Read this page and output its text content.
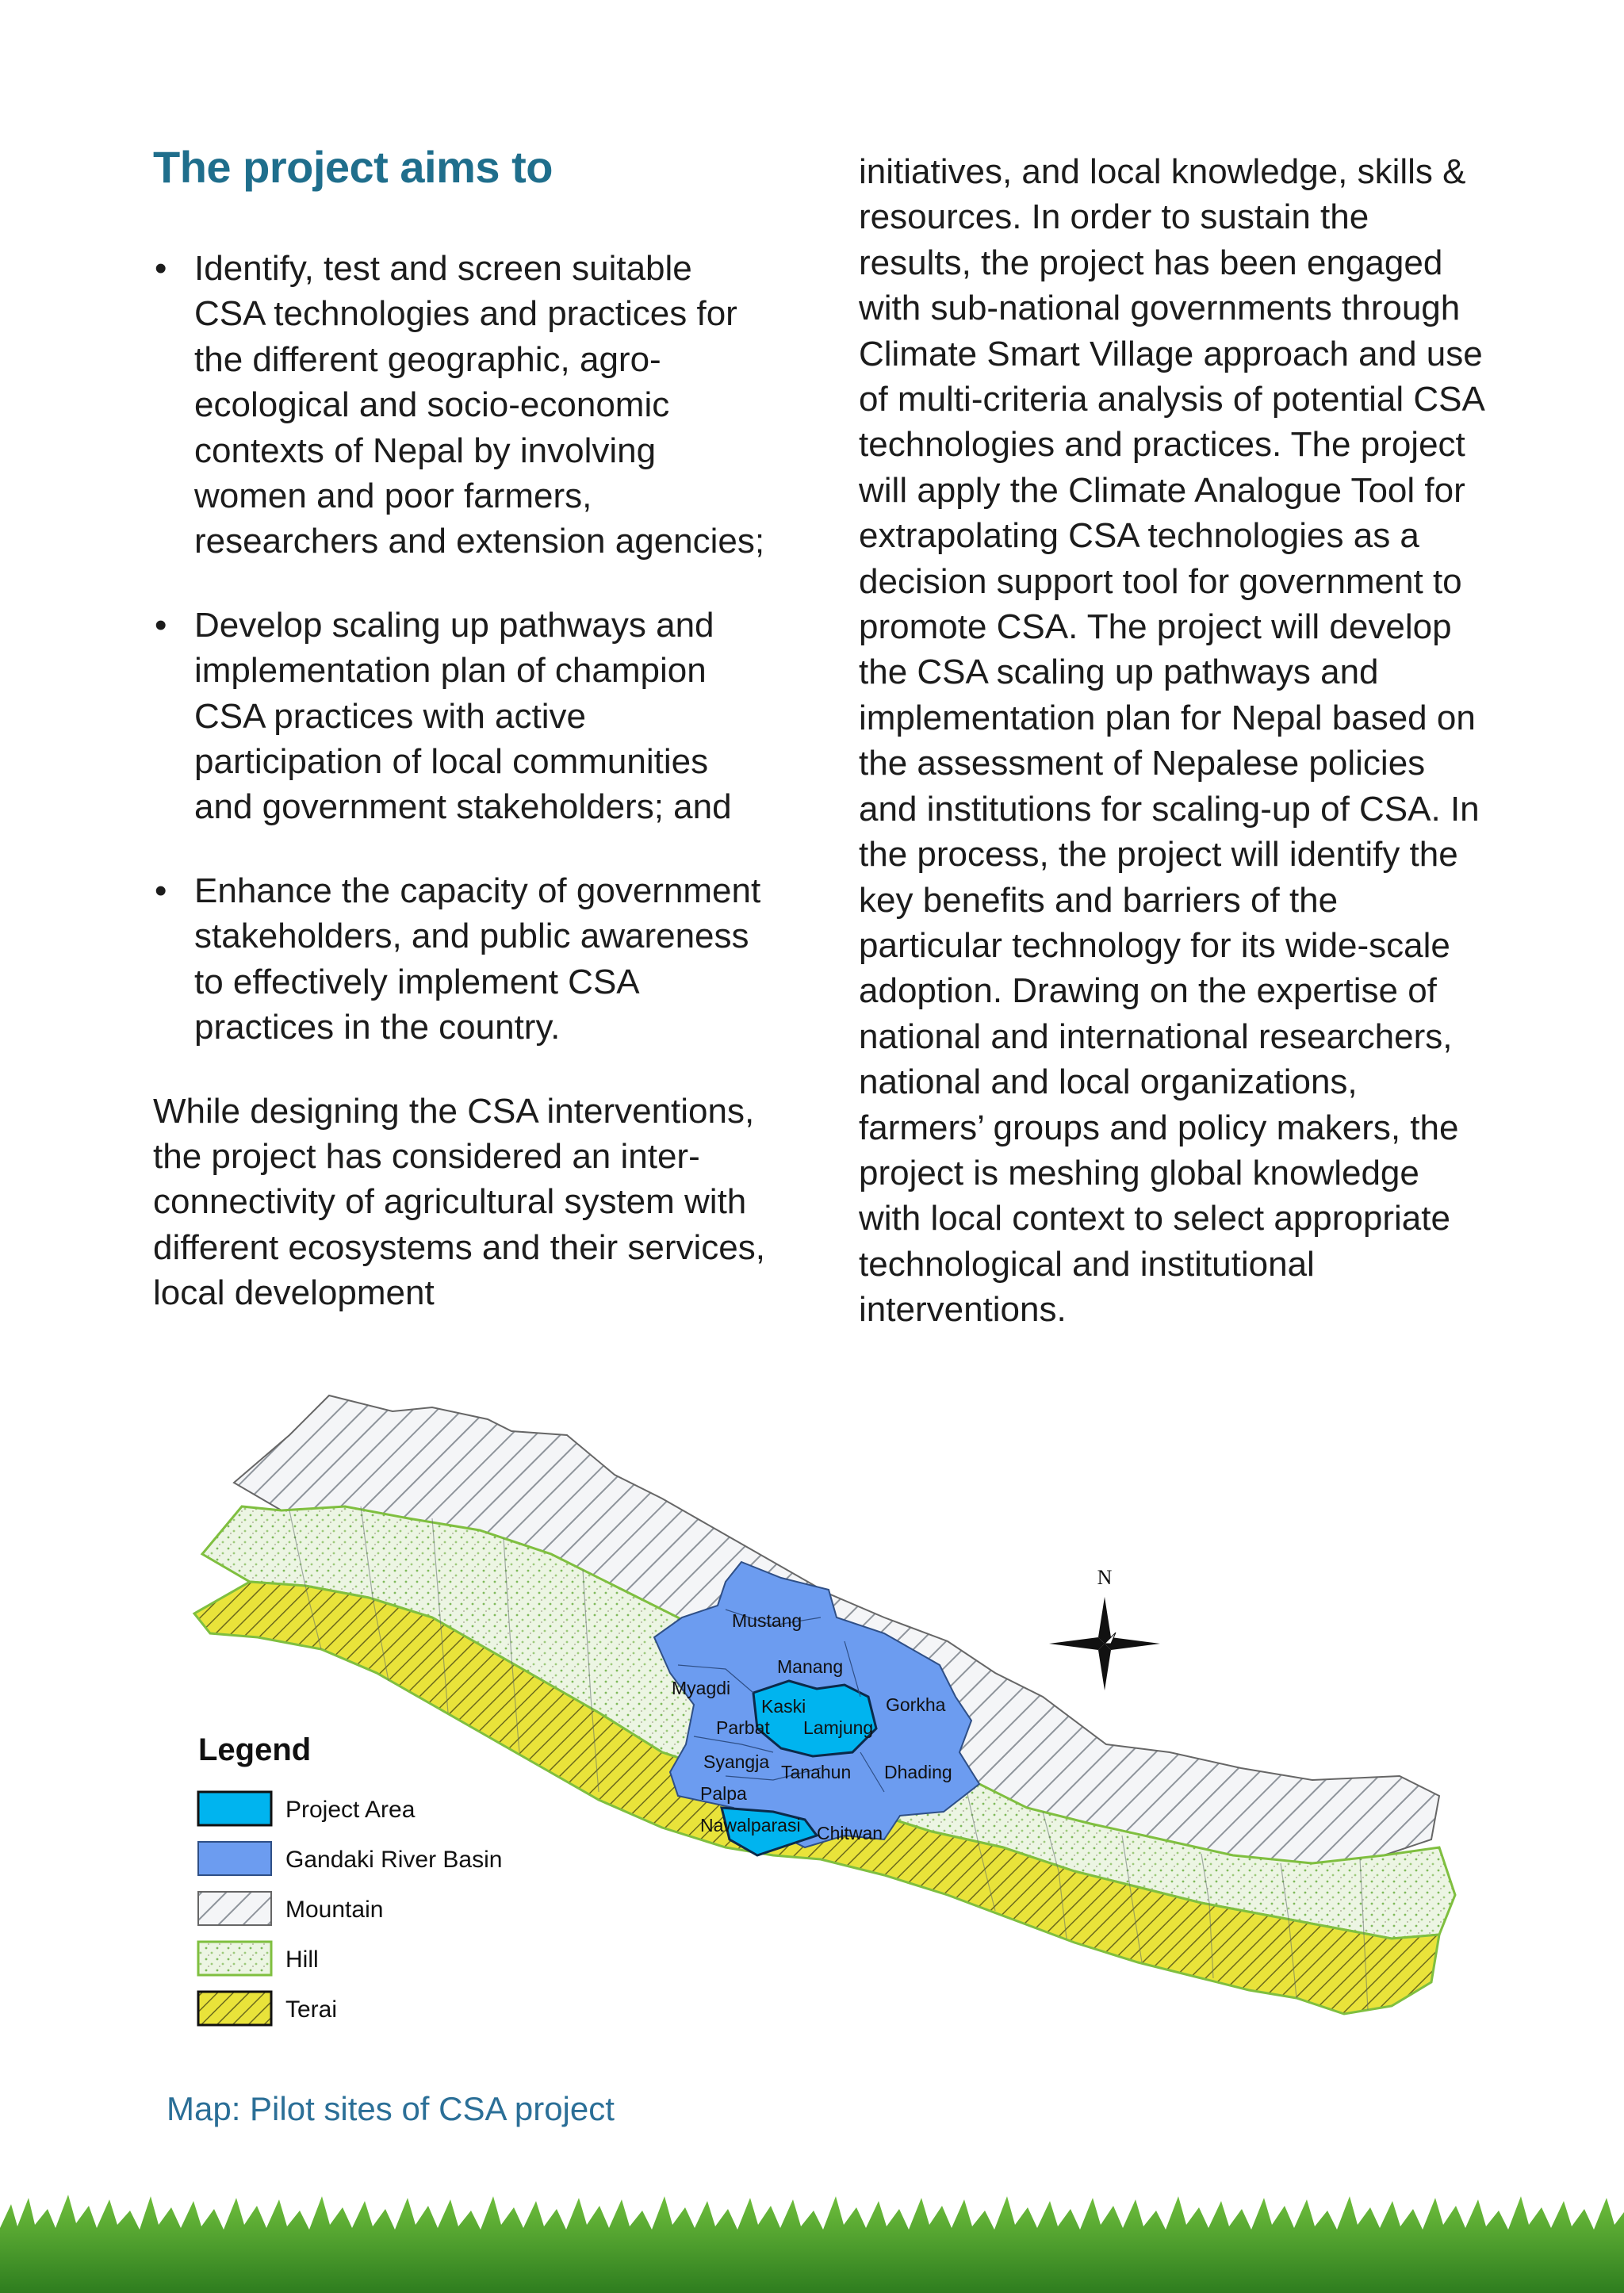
The project aims to
• Identify, test and screen suitable CSA technologies and practices for the different geographic, agro-ecological and socio-economic contexts of Nepal by involving women and poor farmers, researchers and extension agencies;
• Develop scaling up pathways and implementation plan of champion CSA practices with active participation of local communities and government stakeholders; and
• Enhance the capacity of government stakeholders, and public awareness to effectively implement CSA practices in the country.

While designing the CSA interventions, the project has considered an inter-connectivity of agricultural system with different ecosystems and their services, local development

initiatives, and local knowledge, skills & resources. In order to sustain the results, the project has been engaged with sub-national governments through Climate Smart Village approach and use of multi-criteria analysis of potential CSA technologies and practices. The project will apply the Climate Analogue Tool for extrapolating CSA technologies as a decision support tool for government to promote CSA. The project will develop the CSA scaling up pathways and implementation plan for Nepal based on the assessment of Nepalese policies and institutions for scaling-up of CSA. In the process, the project will identify the key benefits and barriers of the particular technology for its wide-scale adoption. Drawing on the expertise of national and international researchers, national and local organizations, farmers’ groups and policy makers, the project is meshing global knowledge with local context to select appropriate technological and institutional interventions.

Mustang
Manang
Myagdi
Kaski	Gorkha
Parbat Lamjung
Syangja Tanahun Dhading
Palpa
Nawalparasi Chitwan
N
Legend
Project Area
Gandaki River Basin
Mountain
Hill
Terai
Map: Pilot sites of CSA project
